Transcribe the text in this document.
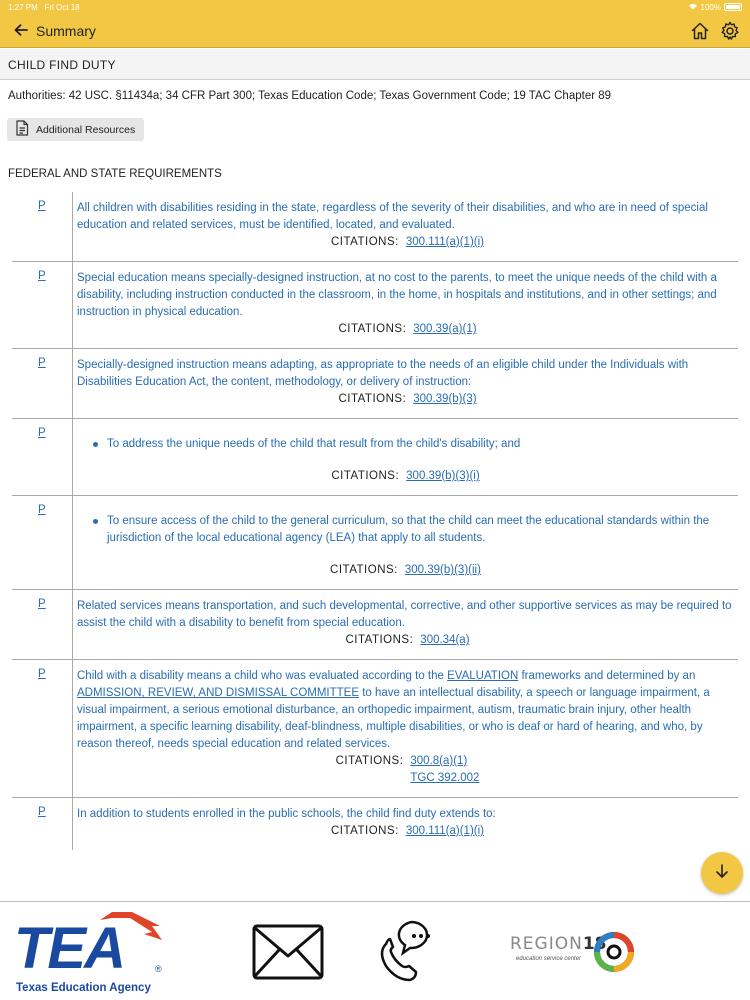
1:27 PM Fri Oct 18	100%
Summary
CHILD FIND DUTY
Authorities: 42 USC. §11434a; 34 CFR Part 300; Texas Education Code; Texas Government Code; 19 TAC Chapter 89
Additional Resources
FEDERAL AND STATE REQUIREMENTS
P	All children with disabilities residing in the state, regardless of the severity of their disabilities, and who are in need of special education and related services, must be identified, located, and evaluated.
CITATIONS: 300.111(a)(1)(i)
P	Special education means specially-designed instruction, at no cost to the parents, to meet the unique needs of the child with a disability, including instruction conducted in the classroom, in the home, in hospitals and institutions, and in other settings; and instruction in physical education.
CITATIONS: 300.39(a)(1)
P	Specially-designed instruction means adapting, as appropriate to the needs of an eligible child under the Individuals with Disabilities Education Act, the content, methodology, or delivery of instruction:
CITATIONS: 300.39(b)(3)
P
To address the unique needs of the child that result from the child's disability; and
CITATIONS: 300.39(b)(3)(i)
P
To ensure access of the child to the general curriculum, so that the child can meet the educational standards within the jurisdiction of the local educational agency (LEA) that apply to all students.
CITATIONS: 300.39(b)(3)(ii)
P	Related services means transportation, and such developmental, corrective, and other supportive services as may be required to assist the child with a disability to benefit from special education.
CITATIONS: 300.34(a)
P	Child with a disability means a child who was evaluated according to the EVALUATION frameworks and determined by an ADMISSION, REVIEW, AND DISMISSAL COMMITTEE to have an intellectual disability, a speech or language impairment, a visual impairment, a serious emotional disturbance, an orthopedic impairment, autism, traumatic brain injury, other health impairment, a specific learning disability, deaf-blindness, multiple disabilities, or who is deaf or hard of hearing, and who, by reason thereof, needs special education and related services.
CITATIONS: 300.8(a)(1)
TGC 392.002
P	In addition to students enrolled in the public schools, the child find duty extends to:
CITATIONS: 300.111(a)(1)(i)
TEA	®
Texas Education Agency
REGION18
education service center
